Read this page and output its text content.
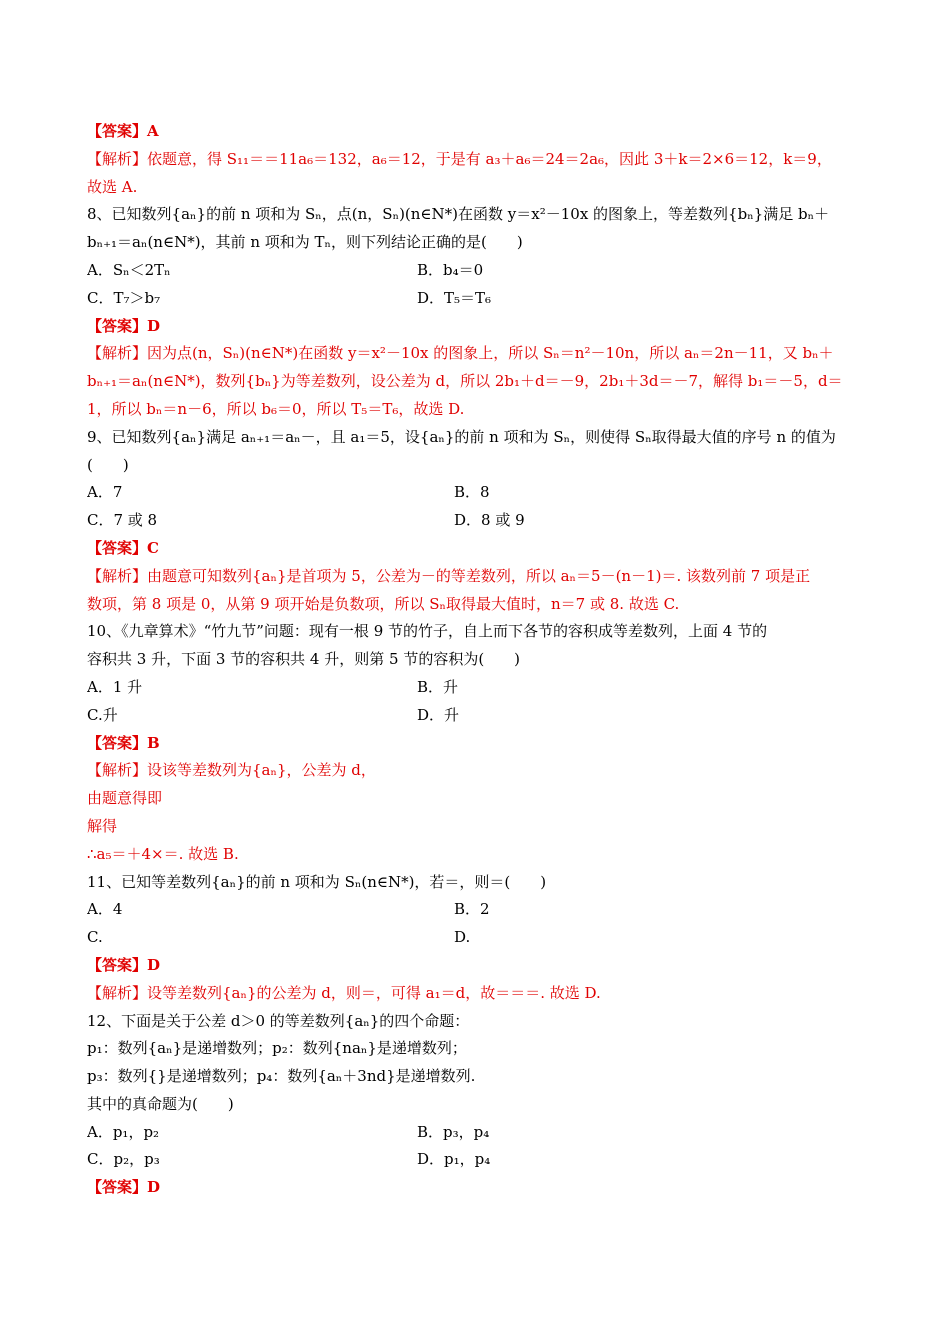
【答案】A
【解析】依题意，得 S₁₁＝＝11a₆＝132，a₆＝12，于是有 a₃＋a₆＝24＝2a₆，因此 3＋k＝2×6＝12，k＝9，
故选 A.
8、已知数列{aₙ}的前 n 项和为 Sₙ，点(n，Sₙ)(n∈N*)在函数 y＝x²－10x 的图象上，等差数列{bₙ}满足 bₙ＋
bₙ₊₁＝aₙ(n∈N*)，其前 n 项和为 Tₙ，则下列结论正确的是(　　)
A．Sₙ＜2Tₙ	B．b₄＝0
C．T₇＞b₇	D．T₅＝T₆
【答案】D
【解析】因为点(n，Sₙ)(n∈N*)在函数 y＝x²－10x 的图象上，所以 Sₙ＝n²－10n，所以 aₙ＝2n－11，又 bₙ＋
bₙ₊₁＝aₙ(n∈N*)，数列{bₙ}为等差数列，设公差为 d，所以 2b₁＋d＝－9，2b₁＋3d＝－7，解得 b₁＝－5，d＝
1，所以 bₙ＝n－6，所以 b₆＝0，所以 T₅＝T₆，故选 D.
9、已知数列{aₙ}满足 aₙ₊₁＝aₙ－，且 a₁＝5，设{aₙ}的前 n 项和为 Sₙ，则使得 Sₙ取得最大值的序号 n 的值为
(　　)
A．7	B．8
C．7 或 8	D．8 或 9
【答案】C
【解析】由题意可知数列{aₙ}是首项为 5，公差为－的等差数列，所以 aₙ＝5－(n－1)＝. 该数列前 7 项是正
数项，第 8 项是 0，从第 9 项开始是负数项，所以 Sₙ取得最大值时，n＝7 或 8. 故选 C.
10、《九章算术》“竹九节”问题：现有一根 9 节的竹子，自上而下各节的容积成等差数列，上面 4 节的
容积共 3 升，下面 3 节的容积共 4 升，则第 5 节的容积为(　　)
A．1 升	B．升
C.升	D．升
【答案】B
【解析】设该等差数列为{aₙ}，公差为 d，
由题意得即
解得
∴a₅＝＋4×＝. 故选 B.
11、已知等差数列{aₙ}的前 n 项和为 Sₙ(n∈N*)，若＝，则＝(　　)
A．4	B．2
C.	D.
【答案】D
【解析】设等差数列{aₙ}的公差为 d，则＝，可得 a₁＝d，故＝＝＝. 故选 D.
12、下面是关于公差 d＞0 的等差数列{aₙ}的四个命题：
p₁：数列{aₙ}是递增数列；p₂：数列{naₙ}是递增数列；
p₃：数列{}是递增数列；p₄：数列{aₙ＋3nd}是递增数列.
其中的真命题为(　　)
A．p₁，p₂	B．p₃，p₄
C．p₂，p₃	D．p₁，p₄
【答案】D
